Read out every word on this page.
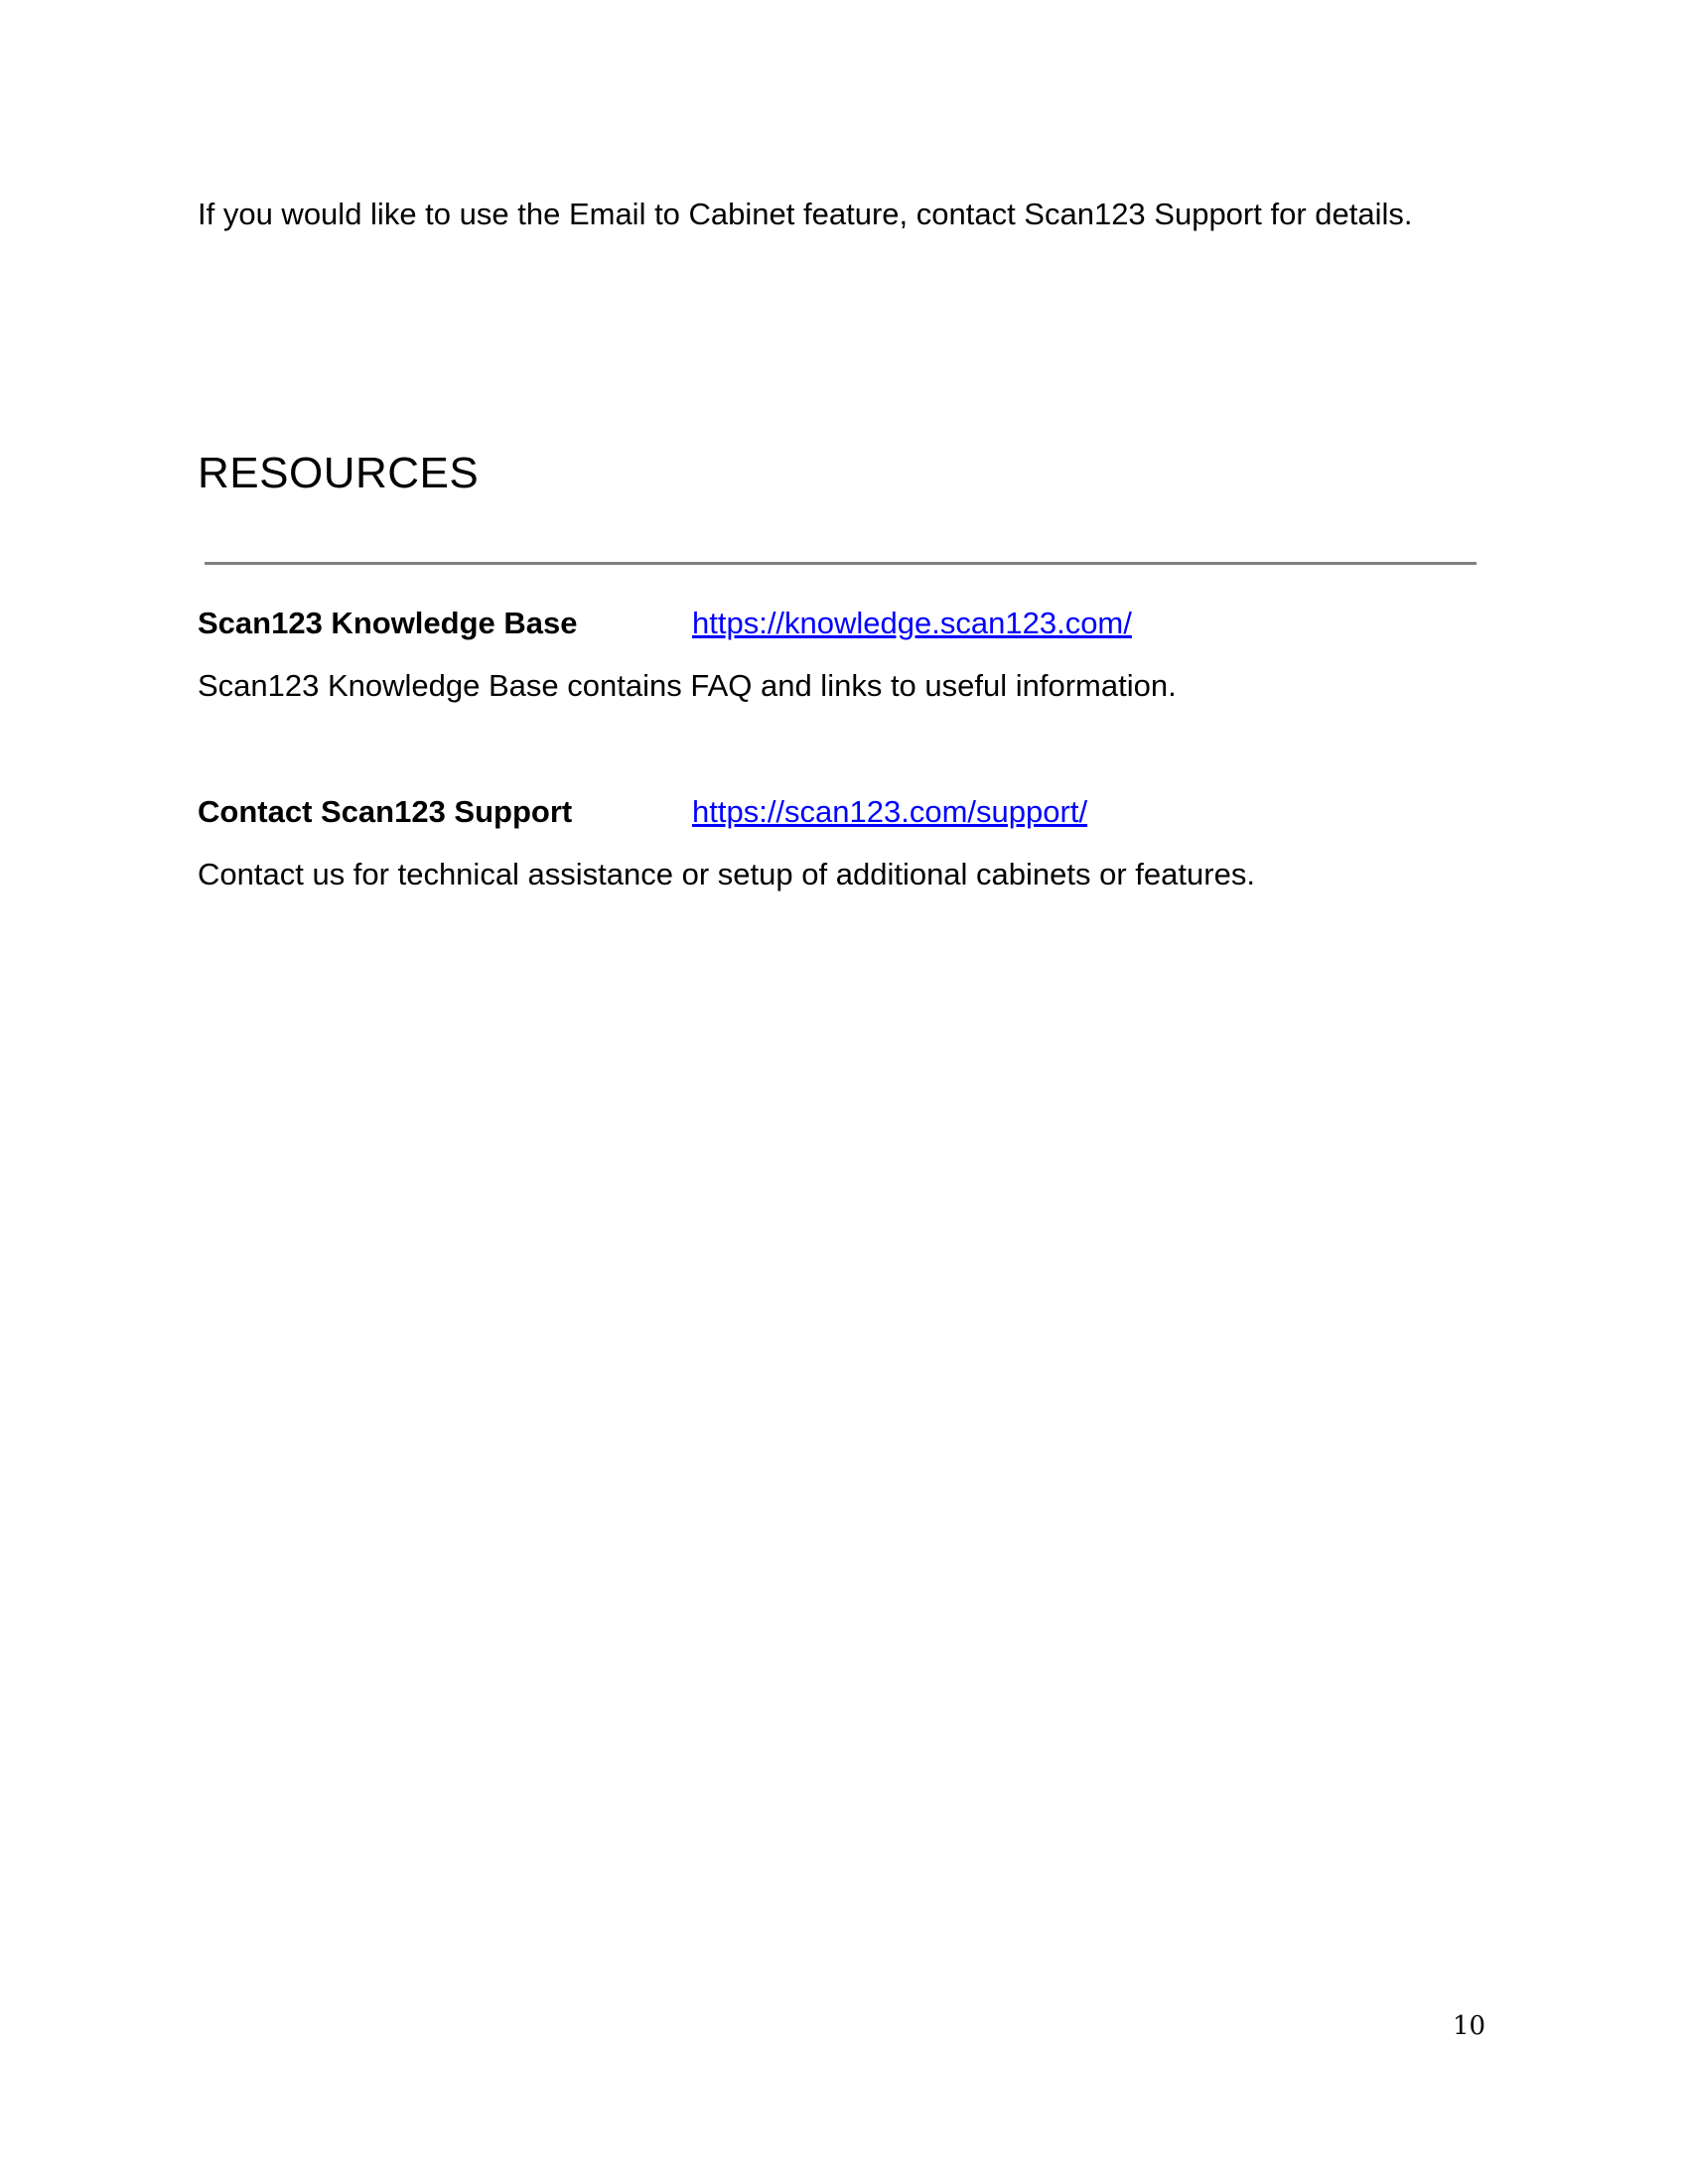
If you would like to use the Email to Cabinet feature, contact Scan123 Support for details.

RESOURCES

Scan123 Knowledge Base	https://knowledge.scan123.com/

Scan123 Knowledge Base contains FAQ and links to useful information.

Contact Scan123 Support	https://scan123.com/support/

Contact us for technical assistance or setup of additional cabinets or features.

10
